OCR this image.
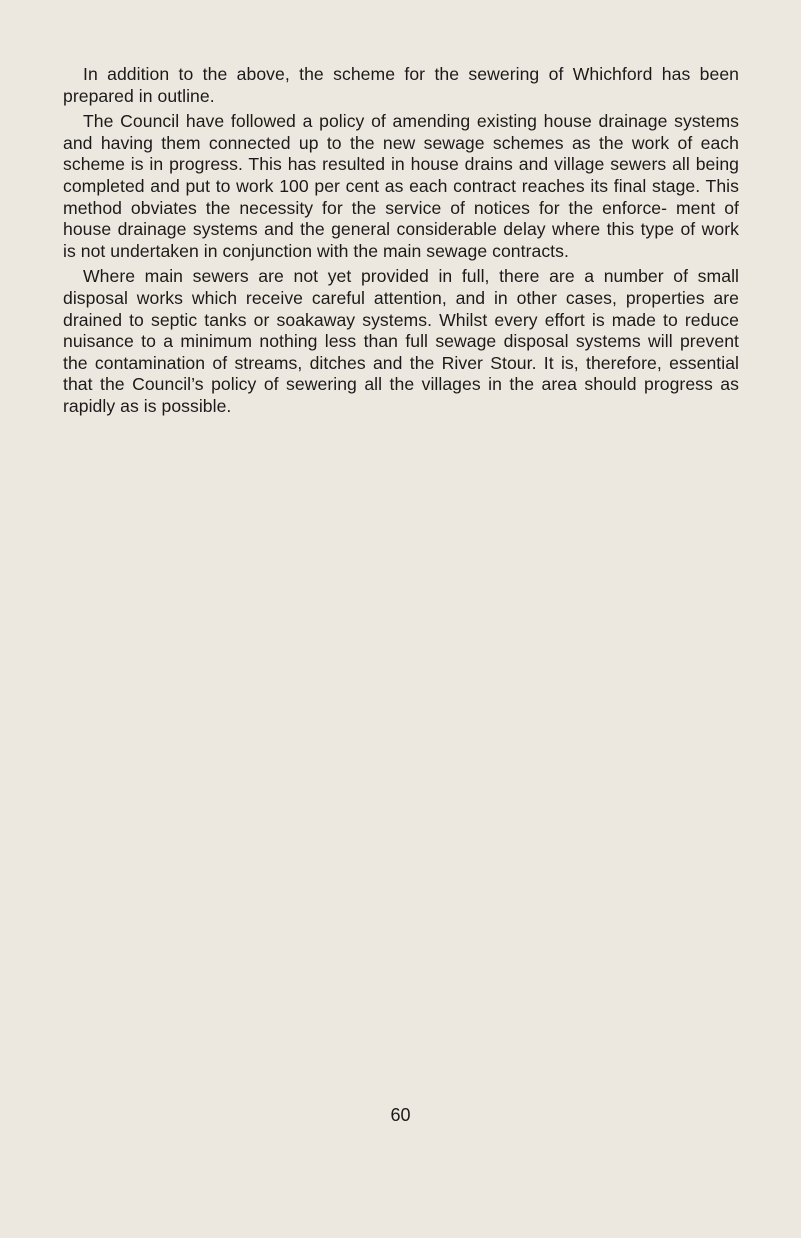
In addition to the above, the scheme for the sewering of Whichford has been prepared in outline.

The Council have followed a policy of amending existing house drainage systems and having them connected up to the new sewage schemes as the work of each scheme is in progress. This has resulted in house drains and village sewers all being completed and put to work 100 per cent as each contract reaches its final stage. This method obviates the necessity for the service of notices for the enforce- ment of house drainage systems and the general considerable delay where this type of work is not undertaken in conjunction with the main sewage contracts.

Where main sewers are not yet provided in full, there are a number of small disposal works which receive careful attention, and in other cases, properties are drained to septic tanks or soakaway systems. Whilst every effort is made to reduce nuisance to a minimum nothing less than full sewage disposal systems will prevent the contamination of streams, ditches and the River Stour. It is, therefore, essential that the Council’s policy of sewering all the villages in the area should progress as rapidly as is possible.

60
